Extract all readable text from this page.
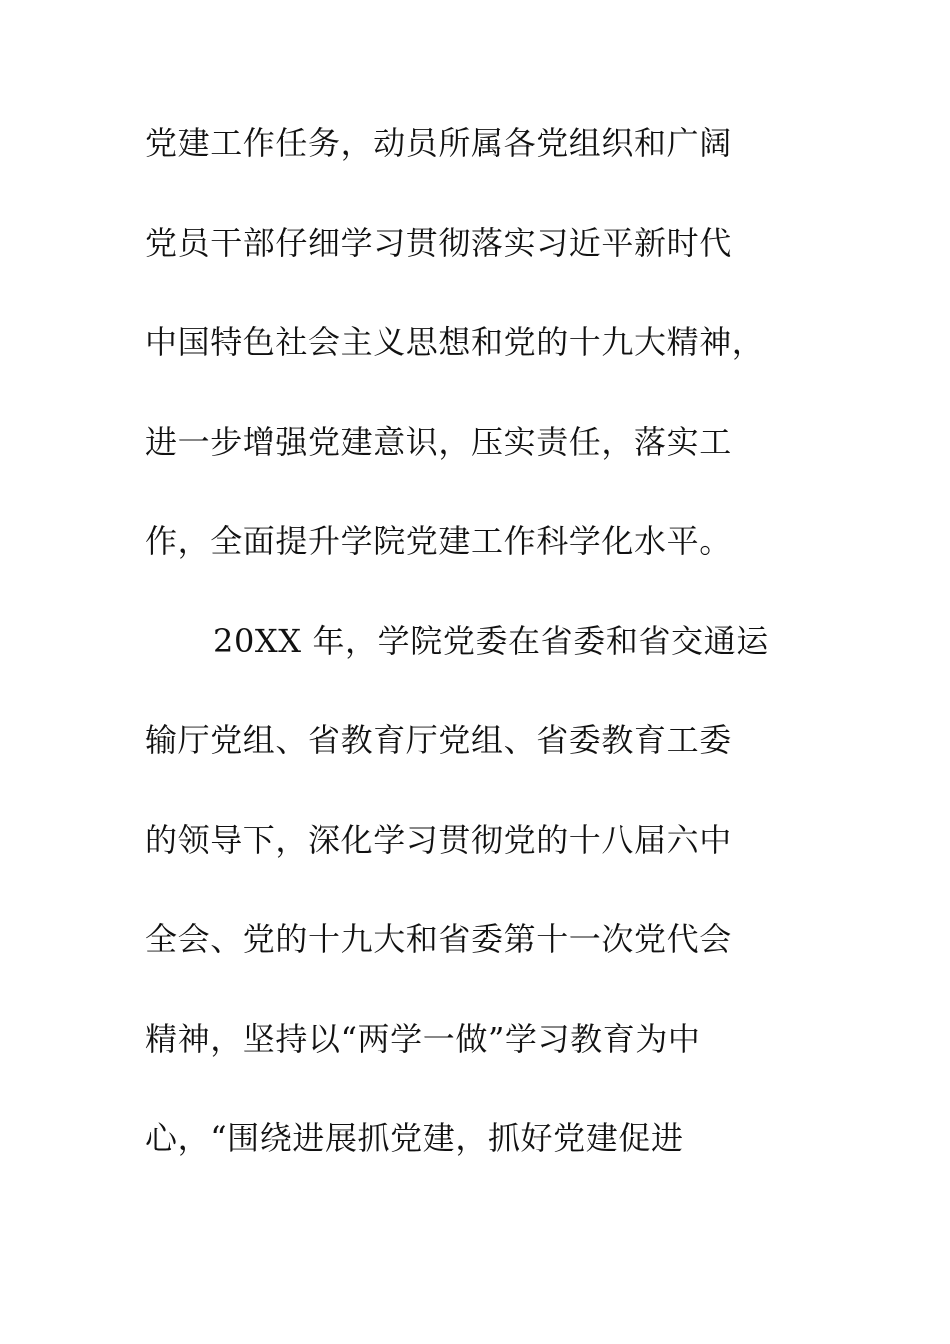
党建工作任务，动员所属各党组织和广阔
党员干部仔细学习贯彻落实习近平新时代
中国特色社会主义思想和党的十九大精神，
进一步增强党建意识，压实责任，落实工
作，全面提升学院党建工作科学化水平。
20XX 年，学院党委在省委和省交通运
输厅党组、省教育厅党组、省委教育工委
的领导下，深化学习贯彻党的十八届六中
全会、党的十九大和省委第十一次党代会
精神，坚持以“两学一做”学习教育为中
心，“围绕进展抓党建，抓好党建促进
